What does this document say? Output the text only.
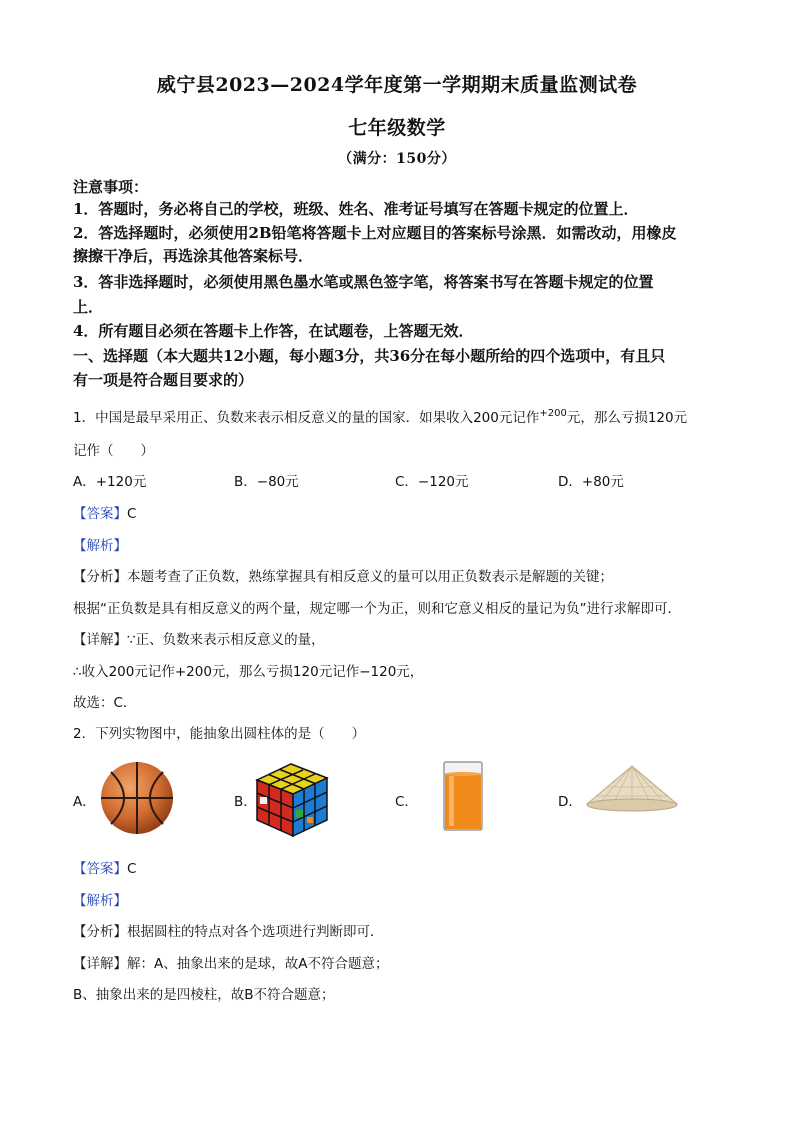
威宁县2023—2024学年度第一学期期末质量监测试卷
七年级数学
（满分：150分）
注意事项：
1．答题时，务必将自己的学校，班级、姓名、准考证号填写在答题卡规定的位置上．
2．答选择题时，必须使用2B铅笔将答题卡上对应题目的答案标号涂黑．如需改动，用橡皮
擦擦干净后，再选涂其他答案标号．
3．答非选择题时，必须使用黑色墨水笔或黑色签字笔，将答案书写在答题卡规定的位置
上．
4．所有题目必须在答题卡上作答，在试题卷，上答题无效．
一、选择题（本大题共12小题，每小题3分，共36分在每小题所给的四个选项中，有且只
有一项是符合题目要求的）
1．中国是最早采用正、负数来表示相反意义的量的国家．如果收入200元记作$^{+200}$元，那么亏损120元
记作（　　）
A．+120元	B．−80元	C．−120元	D．+80元
【答案】C
【解析】
【分析】本题考查了正负数，熟练掌握具有相反意义的量可以用正负数表示是解题的关键；
根据“正负数是具有相反意义的两个量，规定哪一个为正，则和它意义相反的量记为负”进行求解即可．
【详解】∵正、负数来表示相反意义的量，
∴收入200元记作+200元，那么亏损120元记作−120元，
故选：C．
2．下列实物图中，能抽象出圆柱体的是（　　）
A．	B．	C．	D．
【答案】C
【解析】
【分析】根据圆柱的特点对各个选项进行判断即可．
【详解】解：A、抽象出来的是球，故A不符合题意；
B、抽象出来的是四棱柱，故B不符合题意；
